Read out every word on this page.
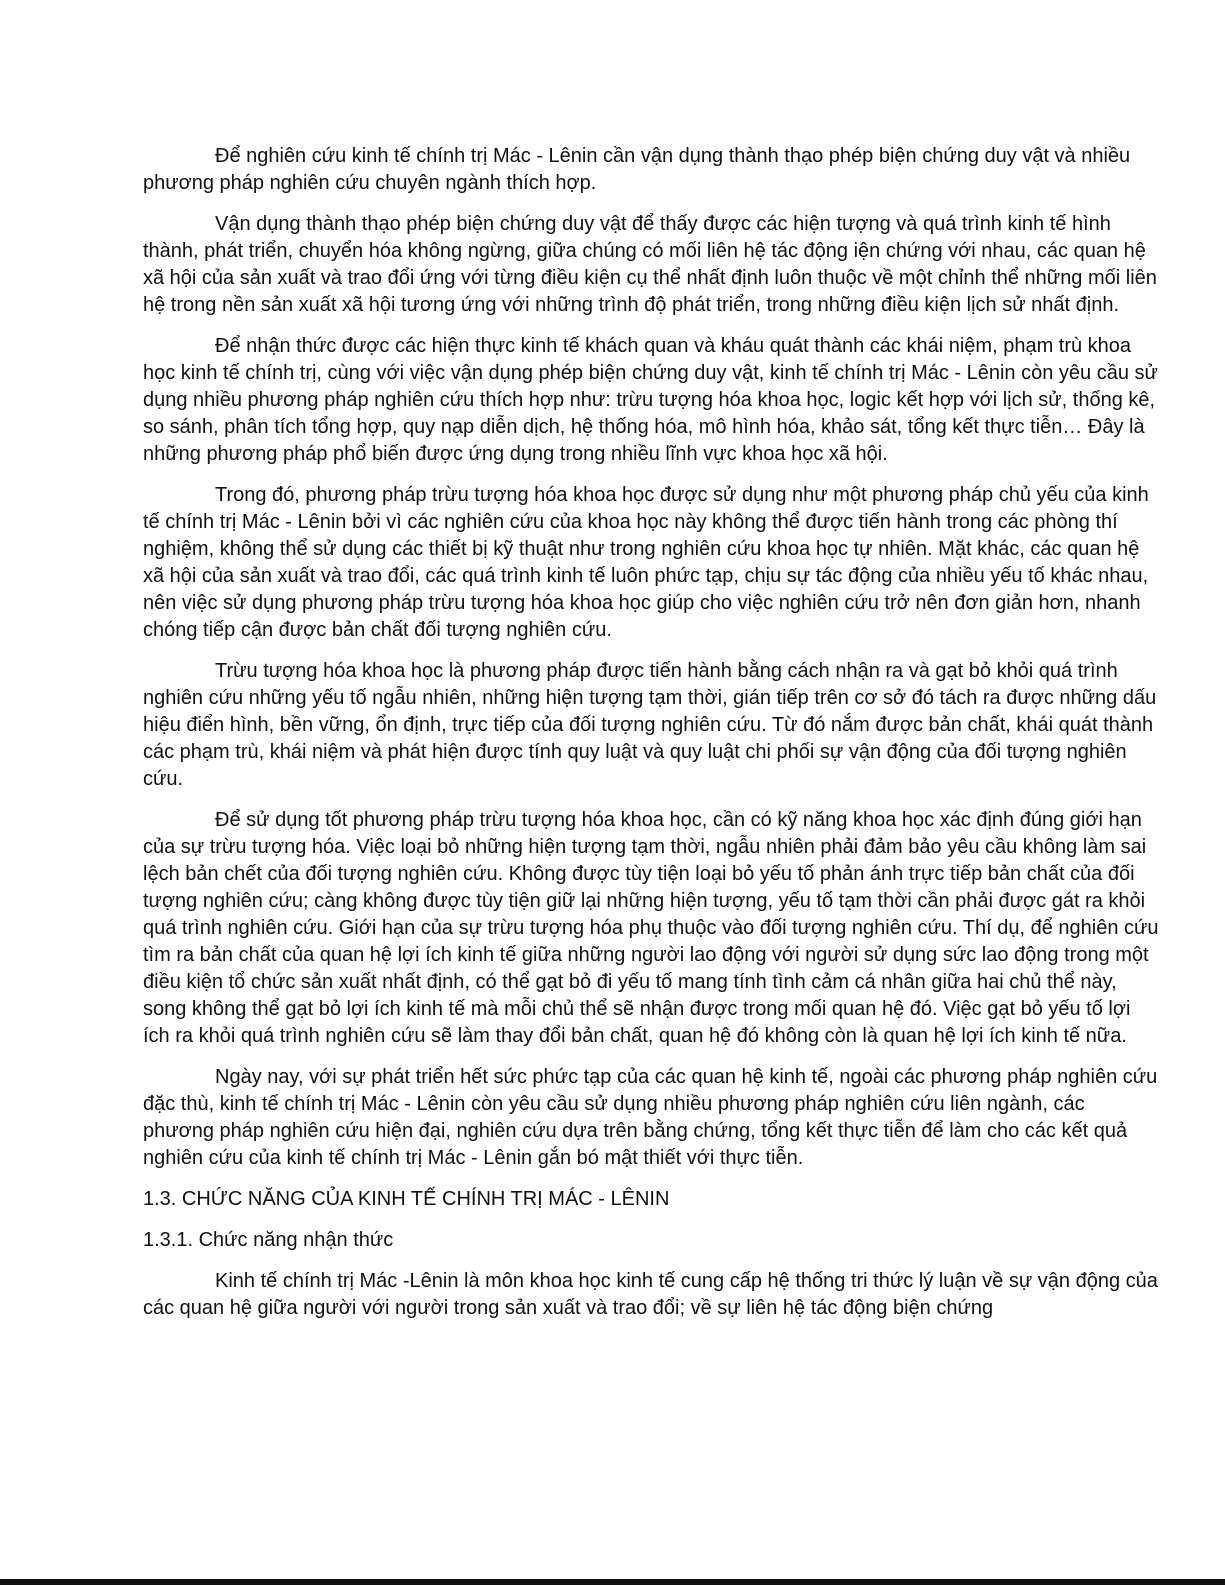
Để nghiên cứu kinh tế chính trị Mác - Lênin cần vận dụng thành thạo phép biện chứng duy vật và nhiều phương pháp nghiên cứu chuyên ngành thích hợp.

Vận dụng thành thạo phép biện chứng duy vật để thấy được các hiện tượng và quá trình kinh tế hình thành, phát triển, chuyển hóa không ngừng, giữa chúng có mối liên hệ tác động iện chứng với nhau, các quan hệ xã hội của sản xuất và trao đổi ứng với từng điều kiện cụ thể nhất định luôn thuộc về một chỉnh thể những mối liên hệ trong nền sản xuất xã hội tương ứng với những trình độ phát triển, trong những điều kiện lịch sử nhất định.

Để nhận thức được các hiện thực kinh tế khách quan và kháu quát thành các khái niệm, phạm trù khoa học kinh tế chính trị, cùng với việc vận dụng phép biện chứng duy vật, kinh tế chính trị Mác - Lênin còn yêu cầu sử dụng nhiều phương pháp nghiên cứu thích hợp như: trừu tượng hóa khoa học, logic kết hợp với lịch sử, thống kê, so sánh, phân tích tổng hợp, quy nạp diễn dịch, hệ thống hóa, mô hình hóa, khảo sát, tổng kết thực tiễn… Đây là những phương pháp phổ biến được ứng dụng trong nhiều lĩnh vực khoa học xã hội.

Trong đó, phương pháp trừu tượng hóa khoa học được sử dụng như một phương pháp chủ yếu của kinh tế chính trị Mác - Lênin bởi vì các nghiên cứu của khoa học này không thể được tiến hành trong các phòng thí nghiệm, không thể sử dụng các thiết bị kỹ thuật như trong nghiên cứu khoa học tự nhiên. Mặt khác, các quan hệ xã hội của sản xuất và trao đổi, các quá trình kinh tế luôn phức tạp, chịu sự tác động của nhiều yếu tố khác nhau, nên việc sử dụng phương pháp trừu tượng hóa khoa học giúp cho việc nghiên cứu trở nên đơn giản hơn, nhanh chóng tiếp cận được bản chất đối tượng nghiên cứu.

Trừu tượng hóa khoa học là phương pháp được tiến hành bằng cách nhận ra và gạt bỏ khỏi quá trình nghiên cứu những yếu tố ngẫu nhiên, những hiện tượng tạm thời, gián tiếp trên cơ sở đó tách ra được những dấu hiệu điển hình, bền vững, ổn định, trực tiếp của đối tượng nghiên cứu. Từ đó nắm được bản chất, khái quát thành các phạm trù, khái niệm và phát hiện được tính quy luật và quy luật chi phối sự vận động của đối tượng nghiên cứu.

Để sử dụng tốt phương pháp trừu tượng hóa khoa học, cần có kỹ năng khoa học xác định đúng giới hạn của sự trừu tượng hóa. Việc loại bỏ những hiện tượng tạm thời, ngẫu nhiên phải đảm bảo yêu cầu không làm sai lệch bản chết của đối tượng nghiên cứu. Không được tùy tiện loại bỏ yếu tố phản ánh trực tiếp bản chất của đối tượng nghiên cứu; càng không được tùy tiện giữ lại những hiện tượng, yếu tố tạm thời cần phải được gát ra khỏi quá trình nghiên cứu. Giới hạn của sự trừu tượng hóa phụ thuộc vào đối tượng nghiên cứu. Thí dụ, để nghiên cứu tìm ra bản chất của quan hệ lợi ích kinh tế giữa những người lao động với người sử dụng sức lao động trong một điều kiện tổ chức sản xuất nhất định, có thể gạt bỏ đi yếu tố mang tính tình cảm cá nhân giữa hai chủ thể này, song không thể gạt bỏ lợi ích kinh tế mà mỗi chủ thể sẽ nhận được trong mối quan hệ đó. Việc gạt bỏ yếu tố lợi ích ra khỏi quá trình nghiên cứu sẽ làm thay đổi bản chất, quan hệ đó không còn là quan hệ lợi ích kinh tế nữa.

Ngày nay, với sự phát triển hết sức phức tạp của các quan hệ kinh tế, ngoài các phương pháp nghiên cứu đặc thù, kinh tế chính trị Mác - Lênin còn yêu cầu sử dụng nhiều phương pháp nghiên cứu liên ngành, các phương pháp nghiên cứu hiện đại, nghiên cứu dựa trên bằng chứng, tổng kết thực tiễn để làm cho các kết quả nghiên cứu của kinh tế chính trị Mác - Lênin gắn bó mật thiết với thực tiễn.

1.3. CHỨC NĂNG CỦA KINH TẾ CHÍNH TRỊ MÁC - LÊNIN
1.3.1. Chức năng nhận thức

Kinh tế chính trị Mác -Lênin là môn khoa học kinh tế cung cấp hệ thống tri thức lý luận về sự vận động của các quan hệ giữa người với người trong sản xuất và trao đổi; về sự liên hệ tác động biện chứng
